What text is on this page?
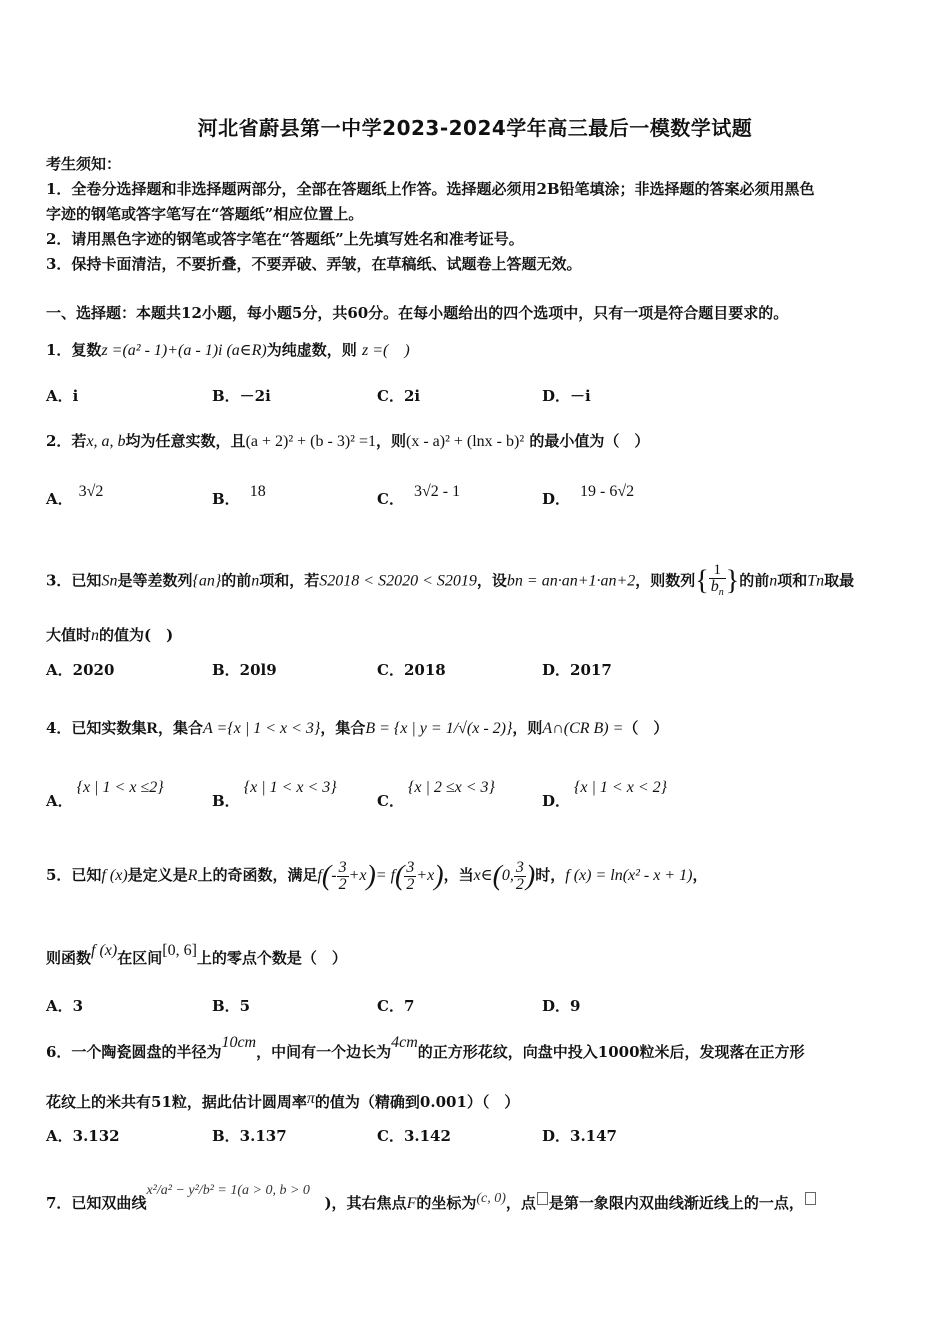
河北省蔚县第一中学2023-2024学年高三最后一模数学试题
考生须知：
1．全卷分选择题和非选择题两部分，全部在答题纸上作答。选择题必须用2B铅笔填涂；非选择题的答案必须用黑色
字迹的钢笔或答字笔写在“答题纸”相应位置上。
2．请用黑色字迹的钢笔或答字笔在“答题纸”上先填写姓名和准考证号。
3．保持卡面清洁，不要折叠，不要弄破、弄皱，在草稿纸、试题卷上答题无效。
一、选择题：本题共12小题，每小题5分，共60分。在每小题给出的四个选项中，只有一项是符合题目要求的。
1．复数z =(a² - 1)+(a - 1)i (a∈R)为纯虚数，则 z =(　)
A．i	B．－2i	C．2i	D．－i
2．若x, a, b均为任意实数，且(a + 2)² + (b - 3)² =1，则(x - a)² + (lnx - b)² 的最小值为（　）
A． 3√2	B． 18	C． 3√2 - 1	D． 19 - 6√2
3．已知Sn是等差数列{an}的前n项和，若S2018 < S2020 < S2019，设bn = an·an+1·an+2，则数列{ $\frac{1}{b_n}$ }的前n项和Tn取最
大值时n的值为(　)
A．2020	B．20l9	C．2018	D．2017
4．已知实数集R，集合A ={x | 1 < x < 3}，集合B = {x | y = 1/√(x - 2)}，则A∩(CR B) =（　）
A．{x | 1 < x ≤2}
B．{x | 1 < x < 3}
C．{x | 2 ≤x < 3}
D．{x | 1 < x < 2}
5．已知f (x)是定义是R上的奇函数，满足$f(- \frac{3}{2} +x)= f( \frac{3}{2} +x)$，当x∈(0, $\frac{3}{2}$ )时，f (x) = ln(x² - x + 1)，
则函数f (x)在区间[0, 6]上的零点个数是（　）
A．3	B．5	C．7	D．9
6．一个陶瓷圆盘的半径为10cm，中间有一个边长为4cm的正方形花纹，向盘中投入1000粒米后，发现落在正方形
花纹上的米共有51粒，据此估计圆周率π的值为（精确到0.001）（　）
A．3.132	B．3.137	C．3.142	D．3.147
7．已知双曲线x²/a² − y²/b² = 1(a > 0, b > 0)，其右焦点F的坐标为(c, 0)，点 是第一象限内双曲线渐近线上的一点，
